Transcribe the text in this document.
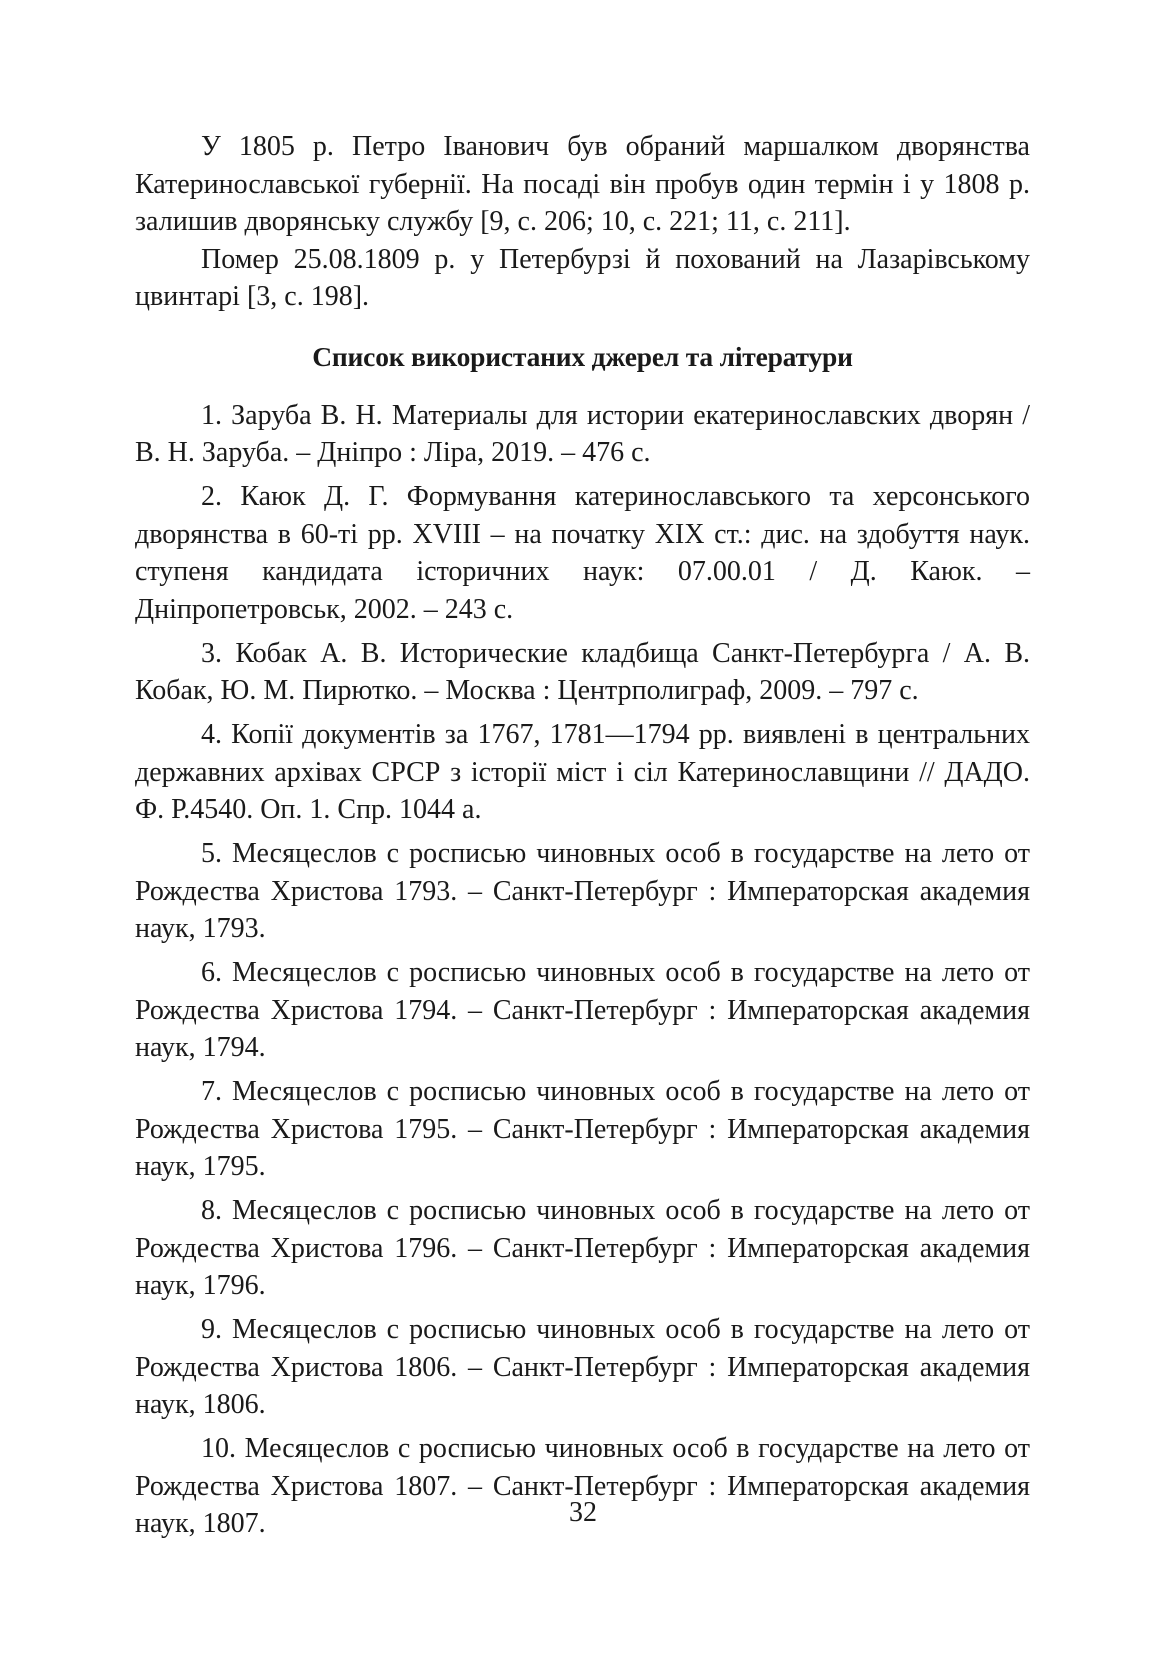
У 1805 р. Петро Іванович був обраний маршалком дворянства Катеринославської губернії. На посаді він пробув один термін і у 1808 р. залишив дворянську службу [9, с. 206; 10, с. 221; 11, с. 211].

Помер 25.08.1809 р. у Петербурзі й похований на Лазарівському цвинтарі [3, с. 198].

Список використаних джерел та літератури
1. Заруба В. Н. Материалы для истории екатеринославских дворян / В. Н. Заруба. – Дніпро : Ліра, 2019. – 476 с.
2. Каюк Д. Г. Формування катеринославського та херсонського дворянства в 60-ті рр. XVIII – на початку XIX ст.: дис. на здобуття наук. ступеня кандидата історичних наук: 07.00.01 / Д. Каюк. – Дніпропетровськ, 2002. – 243 с.
3. Кобак А. В. Исторические кладбища Санкт-Петербурга / А. В. Кобак, Ю. М. Пирютко. – Москва : Центрполиграф, 2009. – 797 с.
4. Копії документів за 1767, 1781—1794 рр. виявлені в центральних державних архівах СРСР з історії міст і сіл Катеринославщини // ДАДО. Ф. Р.4540. Оп. 1. Спр. 1044 а.
5. Месяцеслов с росписью чиновных особ в государстве на лето от Рождества Христова 1793. – Санкт-Петербург : Императорская академия наук, 1793.
6. Месяцеслов с росписью чиновных особ в государстве на лето от Рождества Христова 1794. – Санкт-Петербург : Императорская академия наук, 1794.
7. Месяцеслов с росписью чиновных особ в государстве на лето от Рождества Христова 1795. – Санкт-Петербург : Императорская академия наук, 1795.
8. Месяцеслов с росписью чиновных особ в государстве на лето от Рождества Христова 1796. – Санкт-Петербург : Императорская академия наук, 1796.
9. Месяцеслов с росписью чиновных особ в государстве на лето от Рождества Христова 1806. – Санкт-Петербург : Императорская академия наук, 1806.
10. Месяцеслов с росписью чиновных особ в государстве на лето от Рождества Христова 1807. – Санкт-Петербург : Императорская академия наук, 1807.	32
